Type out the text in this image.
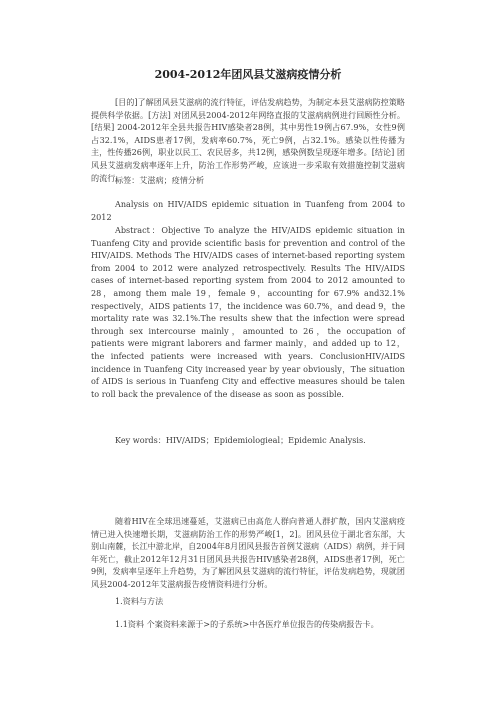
2004-2012年团风县艾滋病疫情分析

[目的]了解团风县艾滋病的流行特征，评估发病趋势，为制定本县艾滋病防控策略提供科学依据。[方法] 对团风县2004-2012年网络直报的艾滋病病例进行回顾性分析。[结果] 2004-2012年全县共报告HIV感染者28例，其中男性19例占67.9%，女性9例占32.1%，AIDS患者17例，发病率60.7%，死亡9例，占32.1%。感染以性传播为主，性传播26例，职业以民工、农民居多，共12例，感染例数呈现逐年增多。[结论] 团风县艾滋病发病率逐年上升，防治工作形势严峻，应该进一步采取有效措施控制艾滋病的流行。

标签：艾滋病；疫情分析

Analysis on HIV/AIDS epidemic situation in Tuanfeng from 2004 to 2012

Abstract：Objective To analyze the HIV/AIDS epidemic situation in Tuanfeng City and provide scientific basis for prevention and control of the HIV/AIDS. Methods The HIV/AIDS cases of internet-based reporting system from 2004 to 2012 were analyzed retrospectively. Results The HIV/AIDS cases of internet-based reporting system from 2004 to 2012 amounted to 28，among them male 19，female 9，accounting for 67.9% and32.1% respectively，AIDS patients 17，the incidence was 60.7%，and dead 9，the mortality rate was 32.1%.The results shew that the infection were spread through sex intercourse mainly，amounted to 26，the occupation of patients were migrant laborers and farmer mainly，and added up to 12，the infected patients were increased with years. ConclusionHIV/AIDS incidence in Tuanfeng City increased year by year obviously，The situation of AIDS is serious in Tuanfeng City and effective measures should be talen to roll back the prevalence of the disease as soon as possible.

Key words：HIV/AIDS；Epidemiologieal；Epidemic Analysis.

随着HIV在全球迅速蔓延，艾滋病已由高危人群向普通人群扩散，国内艾滋病疫情已进入快速增长期，艾滋病防治工作的形势严峻[1，2]。团风县位于湖北省东部，大别山南麓，长江中游北岸，自2004年8月团风县报告首例艾滋病（AIDS）病例，并于同年死亡，截止2012年12月31日团风县共报告HIV感染者28例，AIDS患者17例，死亡9例，发病率呈逐年上升趋势，为了解团风县艾滋病的流行特征，评估发病趋势，现就团风县2004-2012年艾滋病报告疫情资料进行分析。

1.资料与方法

1.1资料 个案资料来源于>的子系统>中各医疗单位报告的传染病报告卡。
